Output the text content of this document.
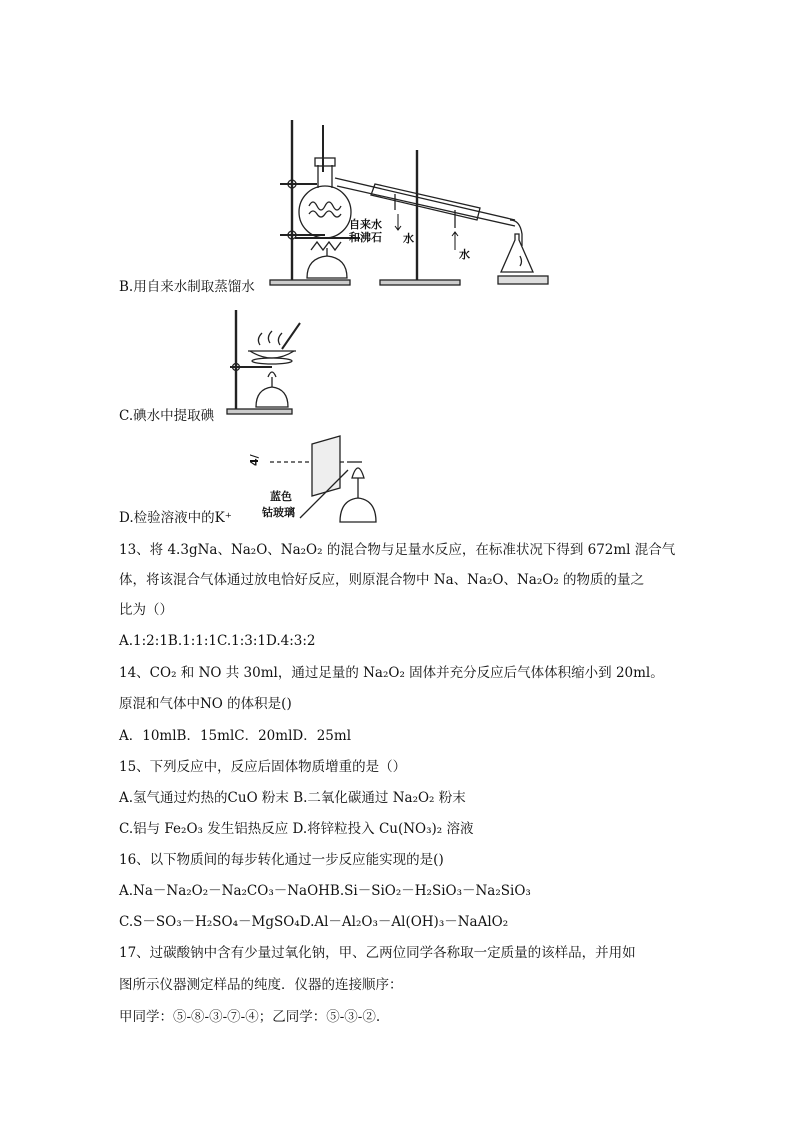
自来水
和沸石 水
水
B.用自来水制取蒸馏水
C.碘水中提取碘
4/
蓝色
钴玻璃
D.检验溶液中的K⁺
13、将 4.3gNa、Na₂O、Na₂O₂ 的混合物与足量水反应，在标准状况下得到 672ml 混合气
体，将该混合气体通过放电恰好反应，则原混合物中 Na、Na₂O、Na₂O₂ 的物质的量之
比为（）
A.1:2:1B.1:1:1C.1:3:1D.4:3:2
14、CO₂ 和 NO 共 30ml，通过足量的 Na₂O₂ 固体并充分反应后气体体积缩小到 20ml。
原混和气体中NO 的体积是()
A．10mlB．15mlC．20mlD．25ml
15、下列反应中，反应后固体物质增重的是（）
A.氢气通过灼热的CuO 粉末 B.二氧化碳通过 Na₂O₂ 粉末
C.铝与 Fe₂O₃ 发生铝热反应 D.将锌粒投入 Cu(NO₃)₂ 溶液
16、以下物质间的每步转化通过一步反应能实现的是()
A.Na－Na₂O₂－Na₂CO₃－NaOHB.Si－SiO₂－H₂SiO₃－Na₂SiO₃
C.S－SO₃－H₂SO₄－MgSO₄D.Al－Al₂O₃－Al(OH)₃－NaAlO₂
17、过碳酸钠中含有少量过氧化钠，甲、乙两位同学各称取一定质量的该样品，并用如
图所示仪器测定样品的纯度．仪器的连接顺序：
甲同学：⑤-⑧-③-⑦-④；乙同学：⑤-③-②.
